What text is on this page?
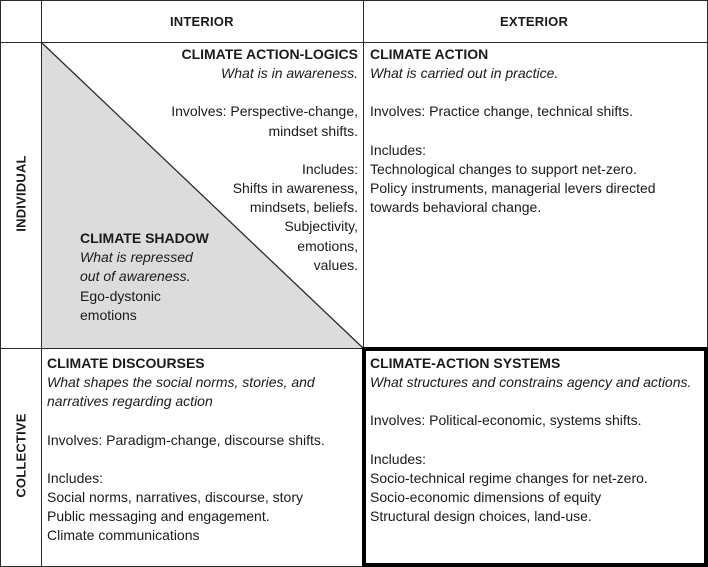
INTERIOR	EXTERIOR
INDIVIDUAL
COLLECTIVE
CLIMATE ACTION-LOGICS
What is in awareness.
Involves: Perspective-change,
mindset shifts.
Includes:
Shifts in awareness,
mindsets, beliefs.
Subjectivity,
emotions,
values.
CLIMATE SHADOW
What is repressed
out of awareness.
Ego-dystonic
emotions
CLIMATE ACTION
What is carried out in practice.
Involves: Practice change, technical shifts.
Includes:
Technological changes to support net-zero.
Policy instruments, managerial levers directed
towards behavioral change.
CLIMATE DISCOURSES
What shapes the social norms, stories, and
narratives regarding action
Involves: Paradigm-change, discourse shifts.
Includes:
Social norms, narratives, discourse, story
Public messaging and engagement.
Climate communications
CLIMATE-ACTION SYSTEMS
What structures and constrains agency and actions.
Involves: Political-economic, systems shifts.
Includes:
Socio-technical regime changes for net-zero.
Socio-economic dimensions of equity
Structural design choices, land-use.
